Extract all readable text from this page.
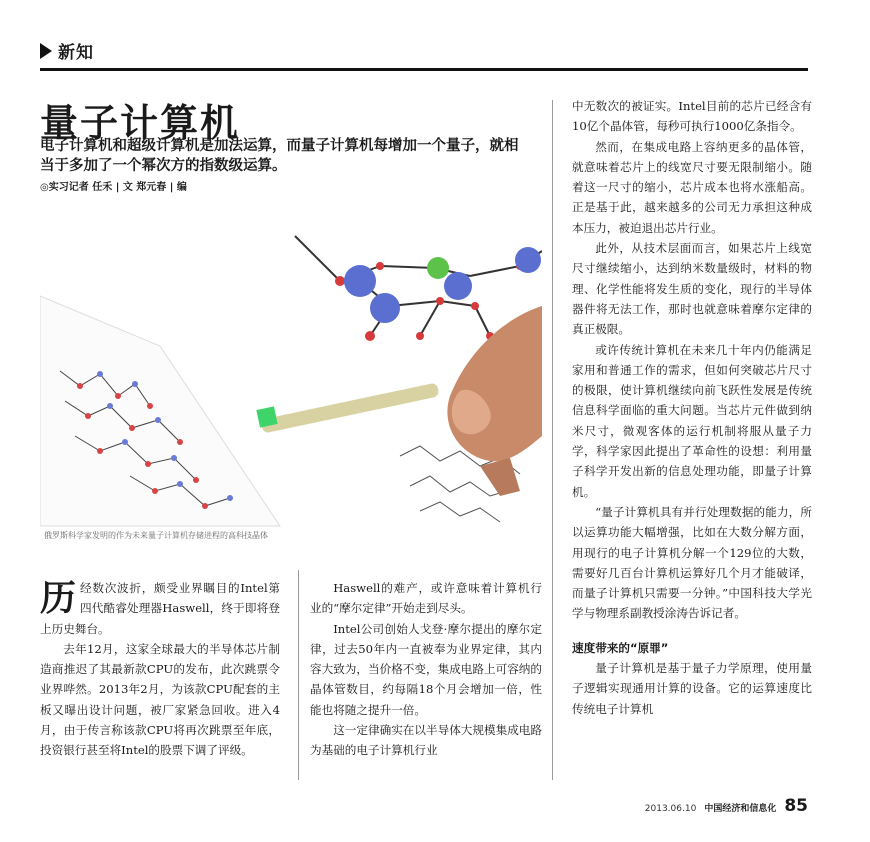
新知
量子计算机
电子计算机和超级计算机是加法运算，而量子计算机每增加一个量子，就相当于多加了一个幂次方的指数级运算。
◎实习记者 任禾 | 文 郑元春 | 编
俄罗斯科学家发明的作为未来量子计算机存储进程的高科技晶体
历 经数次波折，颇受业界瞩目的Intel第四代酷睿处理器Haswell，终于即将登上历史舞台。

去年12月，这家全球最大的半导体芯片制造商推迟了其最新款CPU的发布，此次跳票令业界哗然。2013年2月，为该款CPU配套的主板又曝出设计问题，被厂家紧急回收。进入4月，由于传言称该款CPU将再次跳票至年底，投资银行甚至将Intel的股票下调了评级。

Haswell的难产，或许意味着计算机行业的“摩尔定律”开始走到尽头。

Intel公司创始人戈登·摩尔提出的摩尔定律，过去50年内一直被奉为业界定律，其内容大致为，当价格不变，集成电路上可容纳的晶体管数目，约每隔18个月会增加一倍，性能也将随之提升一倍。

这一定律确实在以半导体大规模集成电路为基础的电子计算机行业

中无数次的被证实。Intel目前的芯片已经含有10亿个晶体管，每秒可执行1000亿条指令。

然而，在集成电路上容纳更多的晶体管，就意味着芯片上的线宽尺寸要无限制缩小。随着这一尺寸的缩小，芯片成本也将水涨船高。正是基于此，越来越多的公司无力承担这种成本压力，被迫退出芯片行业。

此外，从技术层面而言，如果芯片上线宽尺寸继续缩小，达到纳米数量级时，材料的物理、化学性能将发生质的变化，现行的半导体器件将无法工作，那时也就意味着摩尔定律的真正极限。

或许传统计算机在未来几十年内仍能满足家用和普通工作的需求，但如何突破芯片尺寸的极限，使计算机继续向前飞跃性发展是传统信息科学面临的重大问题。当芯片元件做到纳米尺寸，微观客体的运行机制将服从量子力学，科学家因此提出了革命性的设想：利用量子科学开发出新的信息处理功能，即量子计算机。

“量子计算机具有并行处理数据的能力，所以运算功能大幅增强，比如在大数分解方面，用现行的电子计算机分解一个129位的大数，需要好几百台计算机运算好几个月才能破译，而量子计算机只需要一分钟。”中国科技大学光学与物理系副教授涂涛告诉记者。

速度带来的“原罪”

量子计算机是基于量子力学原理，使用量子逻辑实现通用计算的设备。它的运算速度比传统电子计算机

2013.06.10 中国经济和信息化 85
